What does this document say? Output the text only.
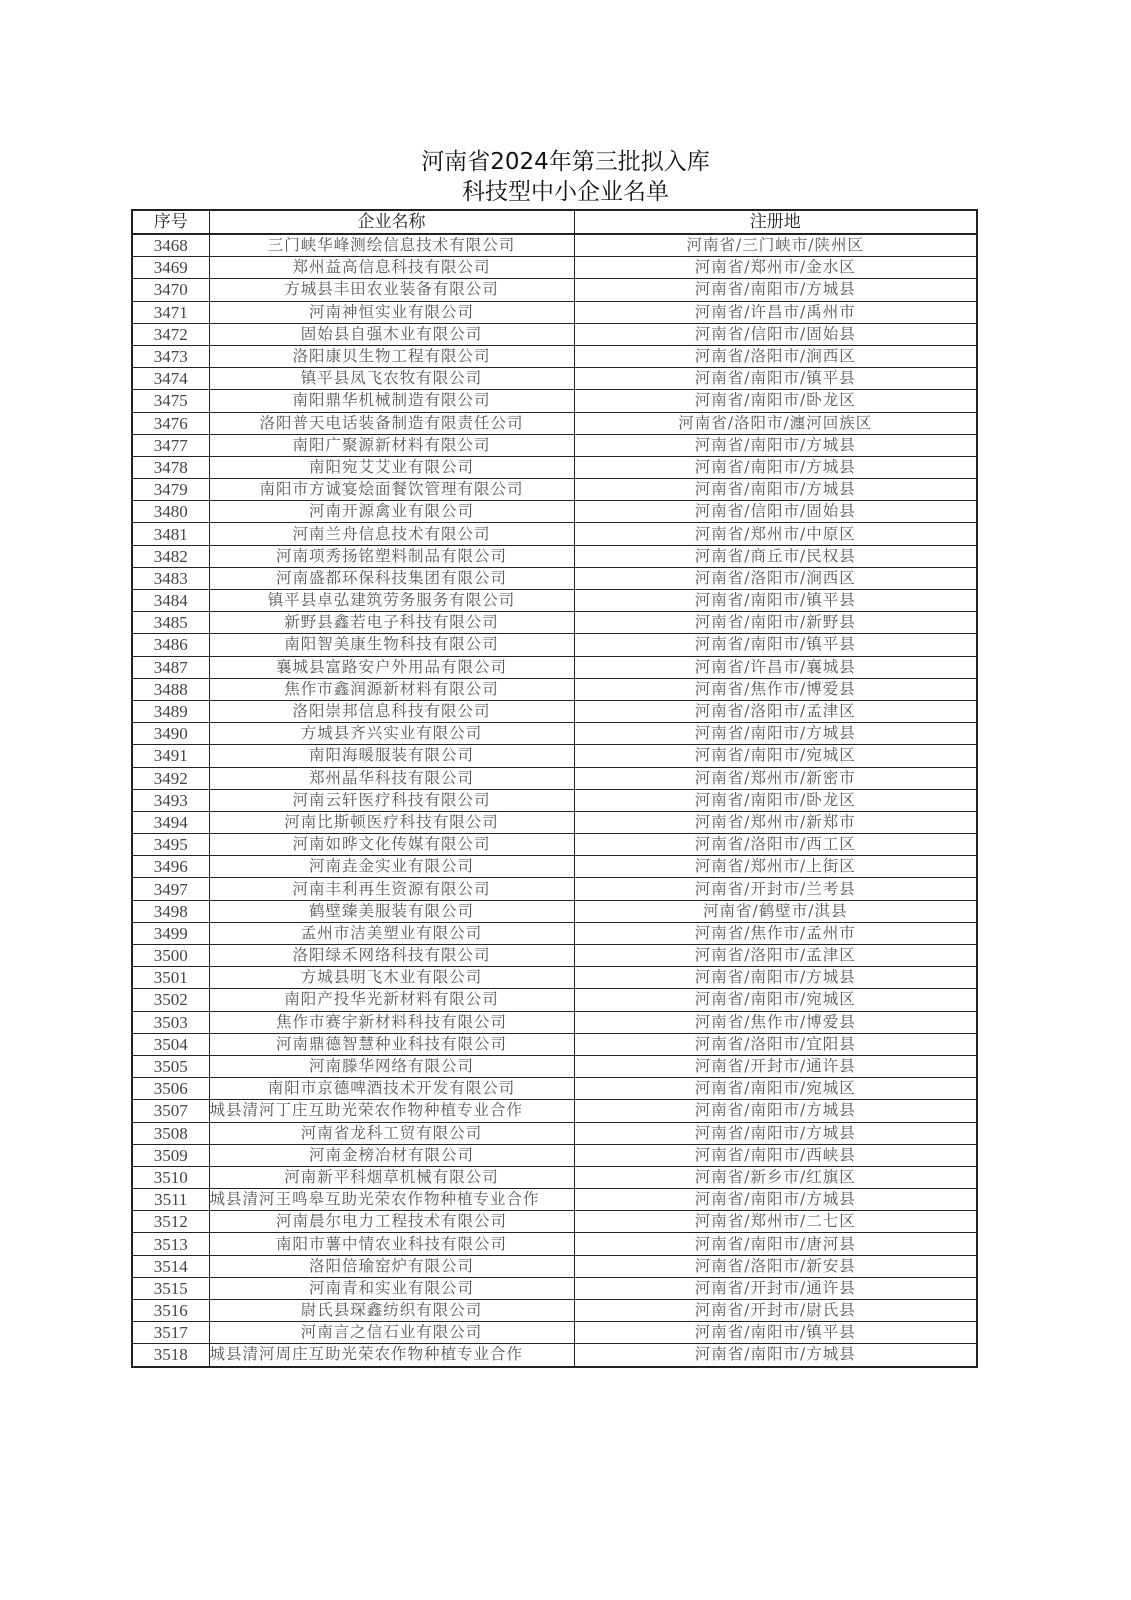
河南省2024年第三批拟入库
科技型中小企业名单
序号	企业名称	注册地
3468	三门峡华峰测绘信息技术有限公司	河南省/三门峡市/陕州区
3469	郑州益高信息科技有限公司	河南省/郑州市/金水区
3470	方城县丰田农业装备有限公司	河南省/南阳市/方城县
3471	河南神恒实业有限公司	河南省/许昌市/禹州市
3472	固始县自强木业有限公司	河南省/信阳市/固始县
3473	洛阳康贝生物工程有限公司	河南省/洛阳市/涧西区
3474	镇平县凤飞农牧有限公司	河南省/南阳市/镇平县
3475	南阳鼎华机械制造有限公司	河南省/南阳市/卧龙区
3476	洛阳普天电话装备制造有限责任公司	河南省/洛阳市/瀍河回族区
3477	南阳广聚源新材料有限公司	河南省/南阳市/方城县
3478	南阳宛艾艾业有限公司	河南省/南阳市/方城县
3479	南阳市方诚宴烩面餐饮管理有限公司	河南省/南阳市/方城县
3480	河南开源禽业有限公司	河南省/信阳市/固始县
3481	河南兰舟信息技术有限公司	河南省/郑州市/中原区
3482	河南项秀扬铭塑料制品有限公司	河南省/商丘市/民权县
3483	河南盛都环保科技集团有限公司	河南省/洛阳市/涧西区
3484	镇平县卓弘建筑劳务服务有限公司	河南省/南阳市/镇平县
3485	新野县鑫若电子科技有限公司	河南省/南阳市/新野县
3486	南阳智美康生物科技有限公司	河南省/南阳市/镇平县
3487	襄城县富路安户外用品有限公司	河南省/许昌市/襄城县
3488	焦作市鑫润源新材料有限公司	河南省/焦作市/博爱县
3489	洛阳崇邦信息科技有限公司	河南省/洛阳市/孟津区
3490	方城县齐兴实业有限公司	河南省/南阳市/方城县
3491	南阳海暖服装有限公司	河南省/南阳市/宛城区
3492	郑州晶华科技有限公司	河南省/郑州市/新密市
3493	河南云轩医疗科技有限公司	河南省/南阳市/卧龙区
3494	河南比斯顿医疗科技有限公司	河南省/郑州市/新郑市
3495	河南如晔文化传媒有限公司	河南省/洛阳市/西工区
3496	河南垚金实业有限公司	河南省/郑州市/上街区
3497	河南丰利再生资源有限公司	河南省/开封市/兰考县
3498	鹤壁臻美服装有限公司	河南省/鹤壁市/淇县
3499	孟州市洁美塑业有限公司	河南省/焦作市/孟州市
3500	洛阳绿禾网络科技有限公司	河南省/洛阳市/孟津区
3501	方城县明飞木业有限公司	河南省/南阳市/方城县
3502	南阳产投华光新材料有限公司	河南省/南阳市/宛城区
3503	焦作市赛宇新材料科技有限公司	河南省/焦作市/博爱县
3504	河南鼎德智慧种业科技有限公司	河南省/洛阳市/宜阳县
3505	河南滕华网络有限公司	河南省/开封市/通许县
3506	南阳市京德啤酒技术开发有限公司	河南省/南阳市/宛城区
3507	城县清河丁庄互助光荣农作物种植专业合作	河南省/南阳市/方城县
3508	河南省龙科工贸有限公司	河南省/南阳市/方城县
3509	河南金榜冶材有限公司	河南省/南阳市/西峡县
3510	河南新平科烟草机械有限公司	河南省/新乡市/红旗区
3511	城县清河王鸣皋互助光荣农作物种植专业合作	河南省/南阳市/方城县
3512	河南晨尔电力工程技术有限公司	河南省/郑州市/二七区
3513	南阳市薯中情农业科技有限公司	河南省/南阳市/唐河县
3514	洛阳倍瑜窑炉有限公司	河南省/洛阳市/新安县
3515	河南青和实业有限公司	河南省/开封市/通许县
3516	尉氏县琛鑫纺织有限公司	河南省/开封市/尉氏县
3517	河南言之信石业有限公司	河南省/南阳市/镇平县
3518	城县清河周庄互助光荣农作物种植专业合作	河南省/南阳市/方城县
